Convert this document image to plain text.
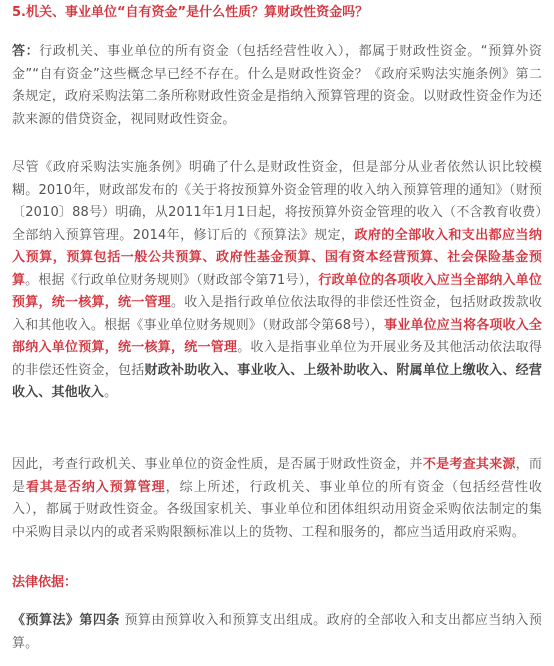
5.机关、事业单位“自有资金”是什么性质？算财政性资金吗？

答：行政机关、事业单位的所有资金（包括经营性收入），都属于财政性资金。“预算外资金”“自有资金”这些概念早已经不存在。什么是财政性资金？《政府采购法实施条例》第二条规定，政府采购法第二条所称财政性资金是指纳入预算管理的资金。以财政性资金作为还款来源的借贷资金，视同财政性资金。

尽管《政府采购法实施条例》明确了什么是财政性资金，但是部分从业者依然认识比较模糊。2010年，财政部发布的《关于将按预算外资金管理的收入纳入预算管理的通知》（财预〔2010〕88号）明确，从2011年1月1日起，将按预算外资金管理的收入（不含教育收费）全部纳入预算管理。2014年，修订后的《预算法》规定，政府的全部收入和支出都应当纳入预算，预算包括一般公共预算、政府性基金预算、国有资本经营预算、社会保险基金预算。根据《行政单位财务规则》（财政部令第71号），行政单位的各项收入应当全部纳入单位预算，统一核算，统一管理。收入是指行政单位依法取得的非偿还性资金，包括财政拨款收入和其他收入。根据《事业单位财务规则》（财政部令第68号），事业单位应当将各项收入全部纳入单位预算，统一核算，统一管理。收入是指事业单位为开展业务及其他活动依法取得的非偿还性资金，包括财政补助收入、事业收入、上级补助收入、附属单位上缴收入、经营收入、其他收入。

因此，考查行政机关、事业单位的资金性质，是否属于财政性资金，并不是考查其来源，而是看其是否纳入预算管理，综上所述，行政机关、事业单位的所有资金（包括经营性收入），都属于财政性资金。各级国家机关、事业单位和团体组织动用资金采购依法制定的集中采购目录以内的或者采购限额标准以上的货物、工程和服务的，都应当适用政府采购。

法律依据：

《预算法》第四条 预算由预算收入和预算支出组成。政府的全部收入和支出都应当纳入预算。
